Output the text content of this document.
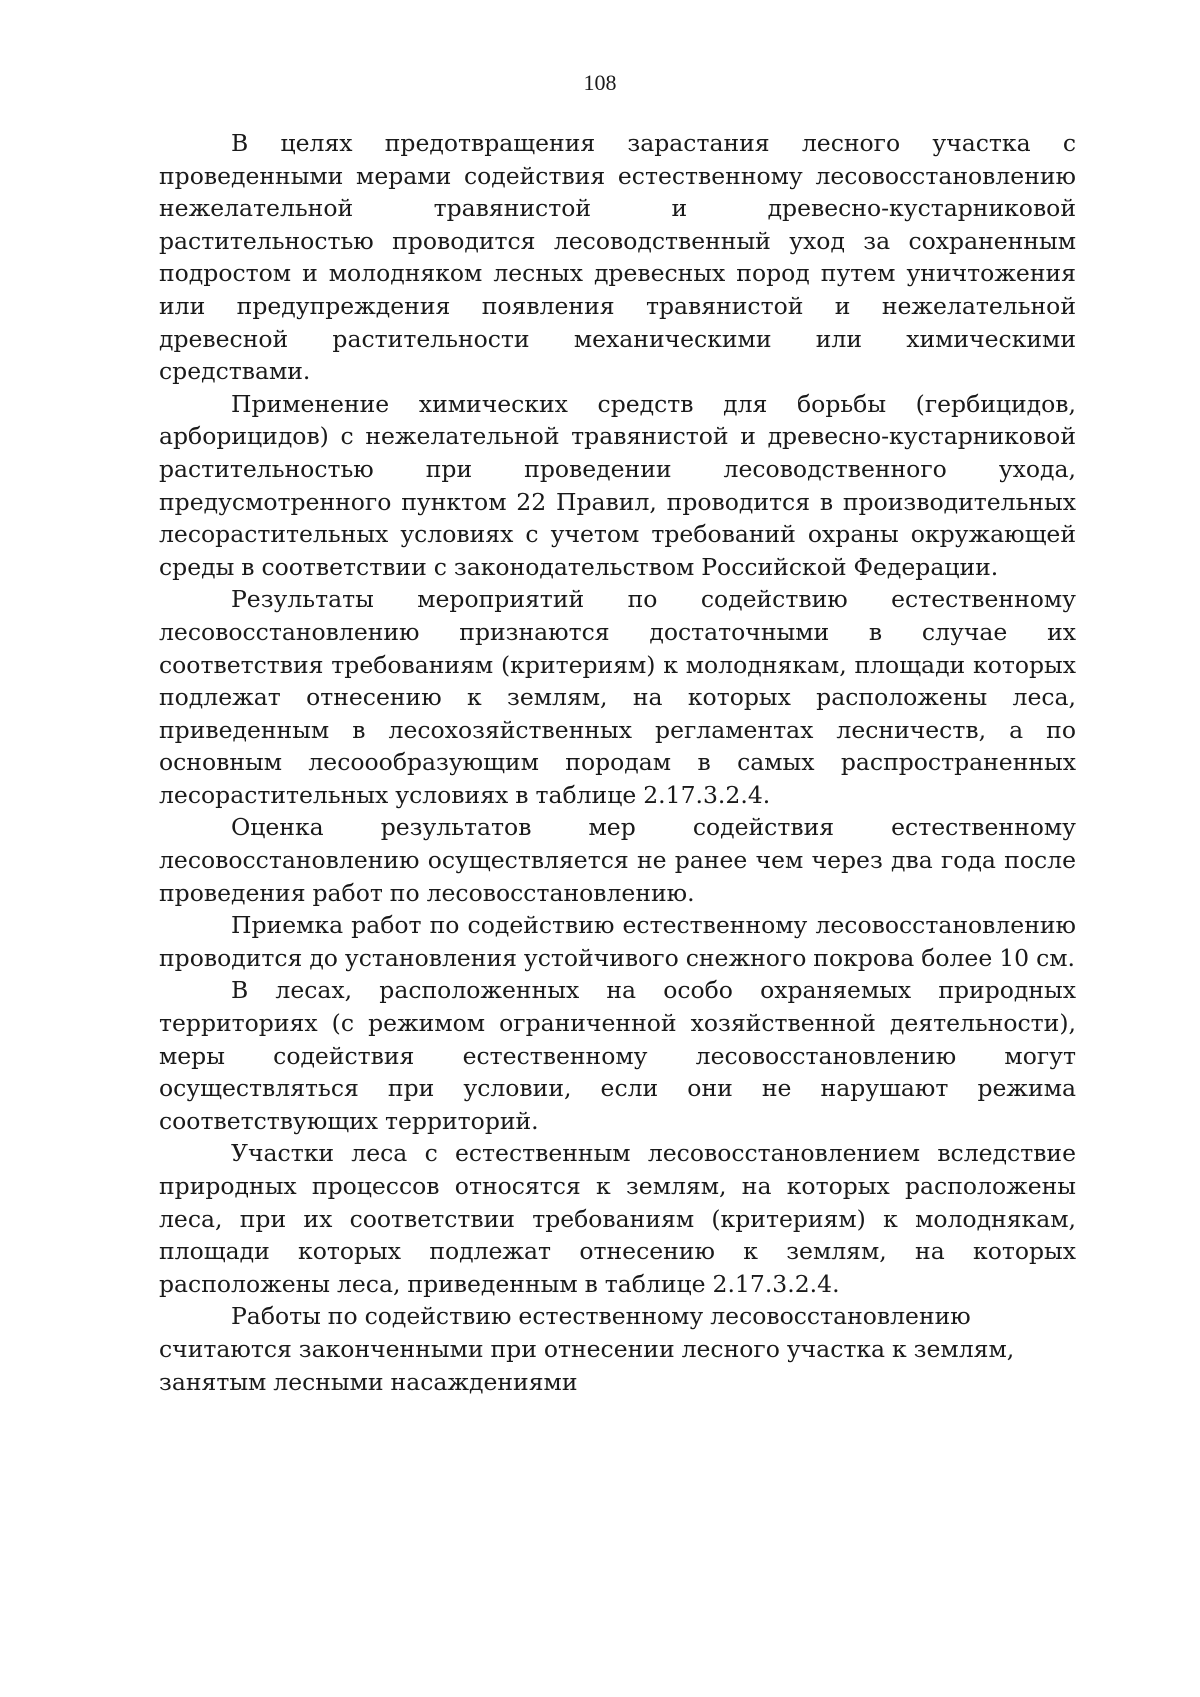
108

В целях предотвращения зарастания лесного участка с проведенными мерами содействия естественному лесовосстановлению нежелательной травянистой и древесно-кустарниковой растительностью проводится лесоводственный уход за сохраненным подростом и молодняком лесных древесных пород путем уничтожения или предупреждения появления травянистой и нежелательной древесной растительности механическими или химическими средствами.

Применение химических средств для борьбы (гербицидов, арборицидов) с нежелательной травянистой и древесно-кустарниковой растительностью при проведении лесоводственного ухода, предусмотренного пунктом 22 Правил, проводится в производительных лесорастительных условиях с учетом требований охраны окружающей среды в соответствии с законодательством Российской Федерации.

Результаты мероприятий по содействию естественному лесовосстановлению признаются достаточными в случае их соответствия требованиям (критериям) к молоднякам, площади которых подлежат отнесению к землям, на которых расположены леса, приведенным в лесохозяйственных регламентах лесничеств, а по основным лесоообразующим породам в самых распространенных лесорастительных условиях в таблице 2.17.3.2.4.

Оценка результатов мер содействия естественному лесовосстановлению осуществляется не ранее чем через два года после проведения работ по лесовосстановлению.

Приемка работ по содействию естественному лесовосстановлению проводится до установления устойчивого снежного покрова более 10 см.

В лесах, расположенных на особо охраняемых природных территориях (с режимом ограниченной хозяйственной деятельности), меры содействия естественному лесовосстановлению могут осуществляться при условии, если они не нарушают режима соответствующих территорий.

Участки леса с естественным лесовосстановлением вследствие природных процессов относятся к землям, на которых расположены леса, при их соответствии требованиям (критериям) к молоднякам, площади которых подлежат отнесению к землям, на которых расположены леса, приведенным в таблице 2.17.3.2.4.

Работы по содействию естественному лесовосстановлению считаются законченными при отнесении лесного участка к землям, занятым лесными насаждениями
